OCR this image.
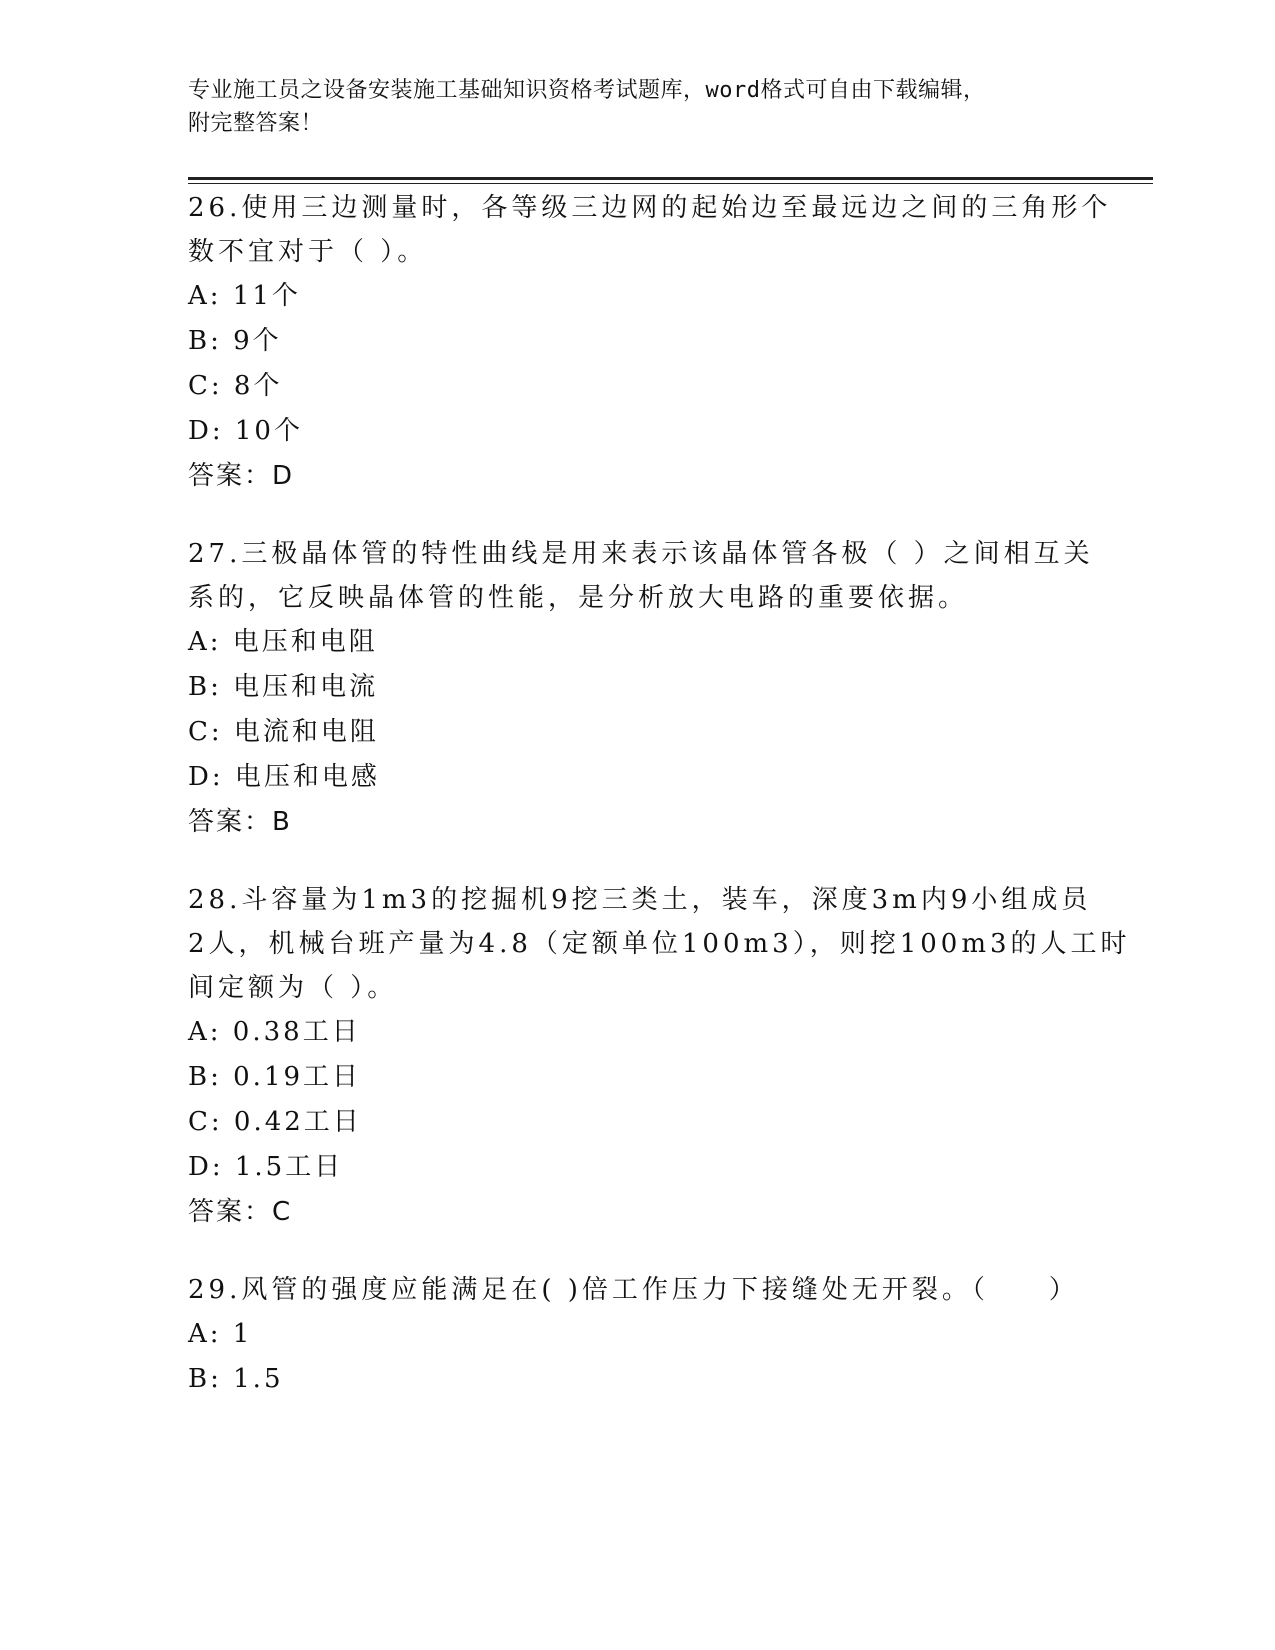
专业施工员之设备安装施工基础知识资格考试题库，word格式可自由下载编辑，
附完整答案！
26.使用三边测量时，各等级三边网的起始边至最远边之间的三角形个
数不宜对于（ ）。
A: 11个
B: 9个
C: 8个
D: 10个
答案：D
27.三极晶体管的特性曲线是用来表示该晶体管各极（ ）之间相互关
系的，它反映晶体管的性能，是分析放大电路的重要依据。
A: 电压和电阻
B: 电压和电流
C: 电流和电阻
D: 电压和电感
答案：B
28.斗容量为1m3的挖掘机9挖三类土，装车，深度3m内9小组成员
2人，机械台班产量为4.8（定额单位100m3），则挖100m3的人工时
间定额为（ ）。
A: 0.38工日
B: 0.19工日
C: 0.42工日
D: 1.5工日
答案：C
29.风管的强度应能满足在( )倍工作压力下接缝处无开裂。（　　）
A: 1
B: 1.5
